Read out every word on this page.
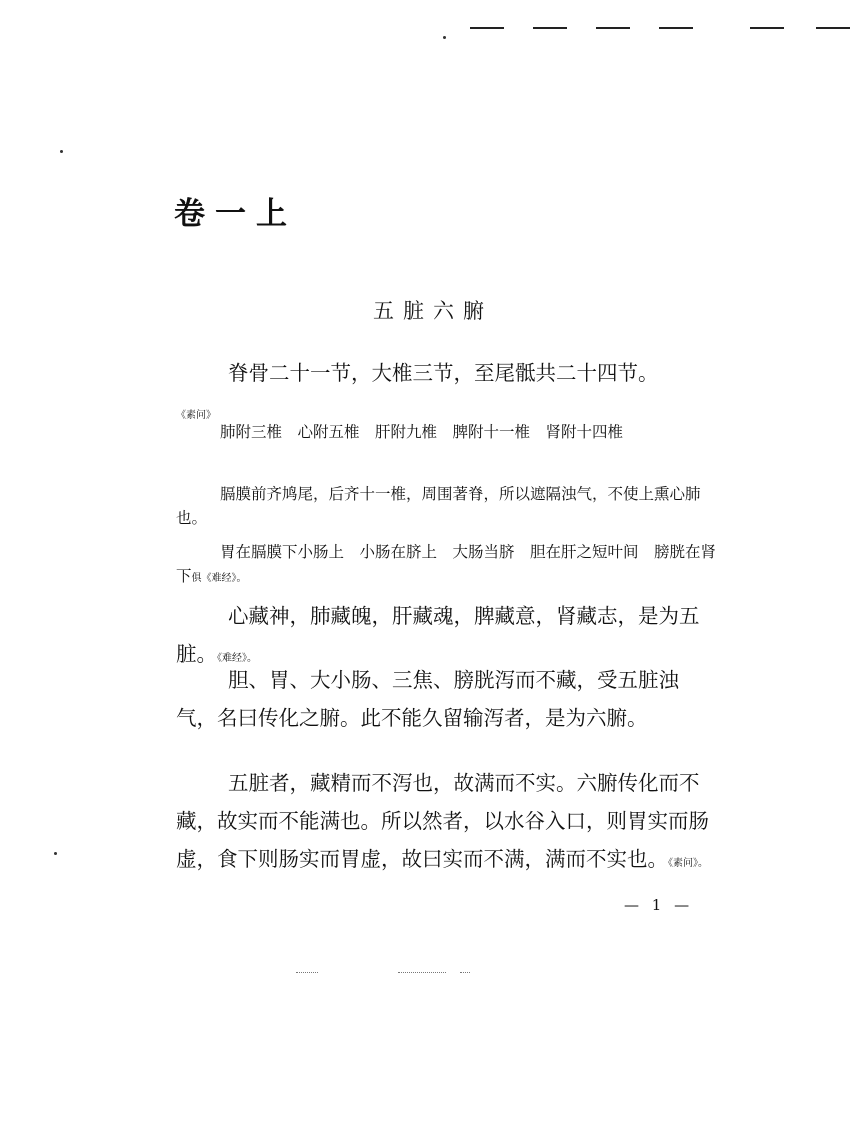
卷一上
五脏六腑

脊骨二十一节，大椎三节，至尾骶共二十四节。
《素问》

肺附三椎　心附五椎　肝附九椎　脾附十一椎　肾附十四椎

膈膜前齐鸠尾，后齐十一椎，周围著脊，所以遮隔浊气，不使上熏心肺也。

胃在膈膜下小肠上　小肠在脐上　大肠当脐　胆在肝之短叶间　膀胱在肾下俱《难经》。

心藏神，肺藏魄，肝藏魂，脾藏意，肾藏志，是为五脏。《难经》。

胆、胃、大小肠、三焦、膀胱泻而不藏，受五脏浊气，名曰传化之腑。此不能久留输泻者，是为六腑。

五脏者，藏精而不泻也，故满而不实。六腑传化而不藏，故实而不能满也。所以然者，以水谷入口，则胃实而肠虚，食下则肠实而胃虚，故曰实而不满，满而不实也。《素问》。

— 1 —
